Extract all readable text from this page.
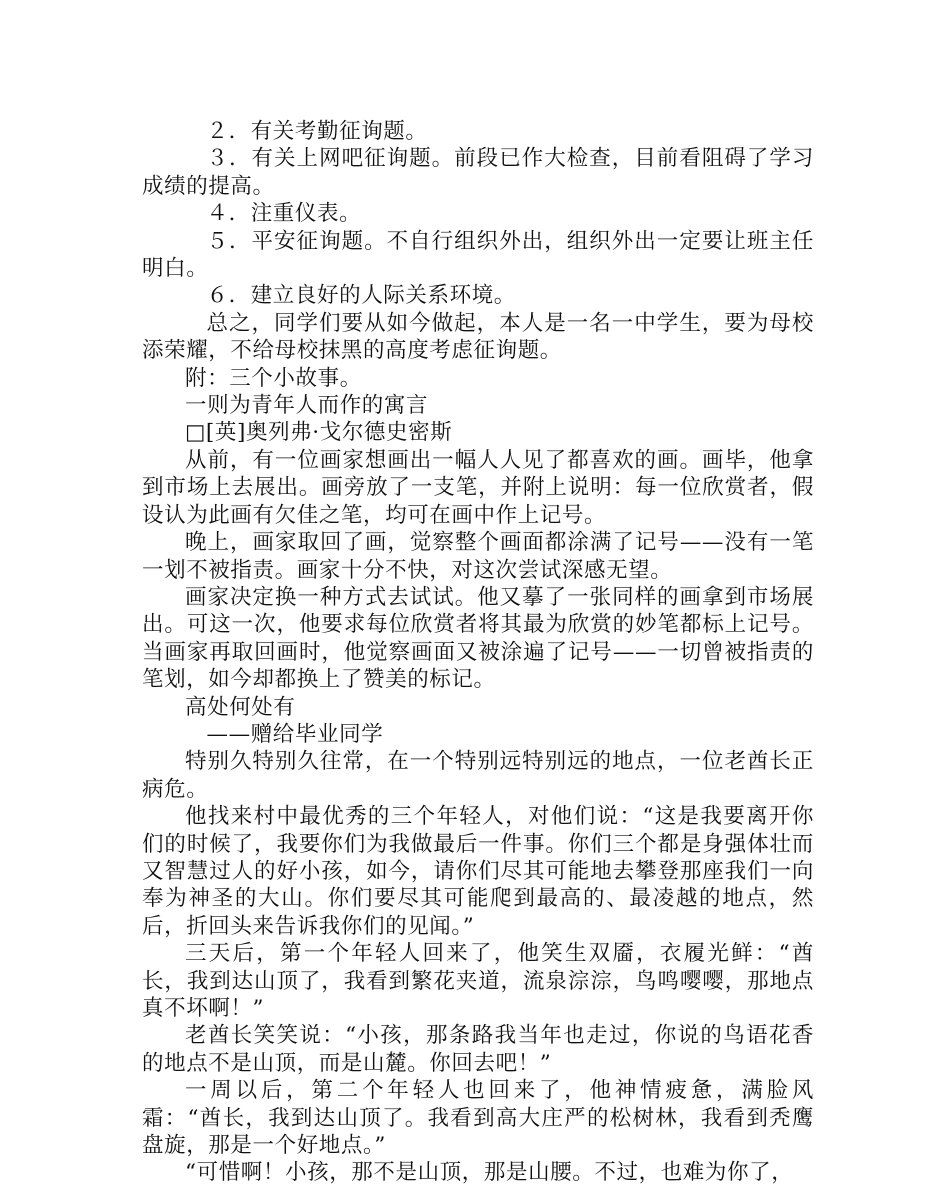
２．有关考勤征询题。

３．有关上网吧征询题。前段已作大检查，目前看阻碍了学习成绩的提高。

４．注重仪表。

５．平安征询题。不自行组织外出，组织外出一定要让班主任明白。

６．建立良好的人际关系环境。

总之，同学们要从如今做起，本人是一名一中学生，要为母校添荣耀，不给母校抹黑的高度考虑征询题。

附：三个小故事。

一则为青年人而作的寓言

□[英]奥列弗·戈尔德史密斯

从前，有一位画家想画出一幅人人见了都喜欢的画。画毕，他拿到市场上去展出。画旁放了一支笔，并附上说明：每一位欣赏者，假设认为此画有欠佳之笔，均可在画中作上记号。

晚上，画家取回了画，觉察整个画面都涂满了记号——没有一笔一划不被指责。画家十分不快，对这次尝试深感无望。

画家决定换一种方式去试试。他又摹了一张同样的画拿到市场展出。可这一次，他要求每位欣赏者将其最为欣赏的妙笔都标上记号。当画家再取回画时，他觉察画面又被涂遍了记号——一切曾被指责的笔划，如今却都换上了赞美的标记。

高处何处有

——赠给毕业同学

特别久特别久往常，在一个特别远特别远的地点，一位老酋长正病危。

他找来村中最优秀的三个年轻人，对他们说：“这是我要离开你们的时候了，我要你们为我做最后一件事。你们三个都是身强体壮而又智慧过人的好小孩，如今，请你们尽其可能地去攀登那座我们一向奉为神圣的大山。你们要尽其可能爬到最高的、最凌越的地点，然后，折回头来告诉我你们的见闻。”

三天后，第一个年轻人回来了，他笑生双靥，衣履光鲜：“酋长，我到达山顶了，我看到繁花夹道，流泉淙淙，鸟鸣嘤嘤，那地点真不坏啊！”

老酋长笑笑说：“小孩，那条路我当年也走过，你说的鸟语花香的地点不是山顶，而是山麓。你回去吧！”

一周以后，第二个年轻人也回来了，他神情疲惫，满脸风霜：“酋长，我到达山顶了。我看到高大庄严的松树林，我看到秃鹰盘旋，那是一个好地点。”

“可惜啊！小孩，那不是山顶，那是山腰。不过，也难为你了，
